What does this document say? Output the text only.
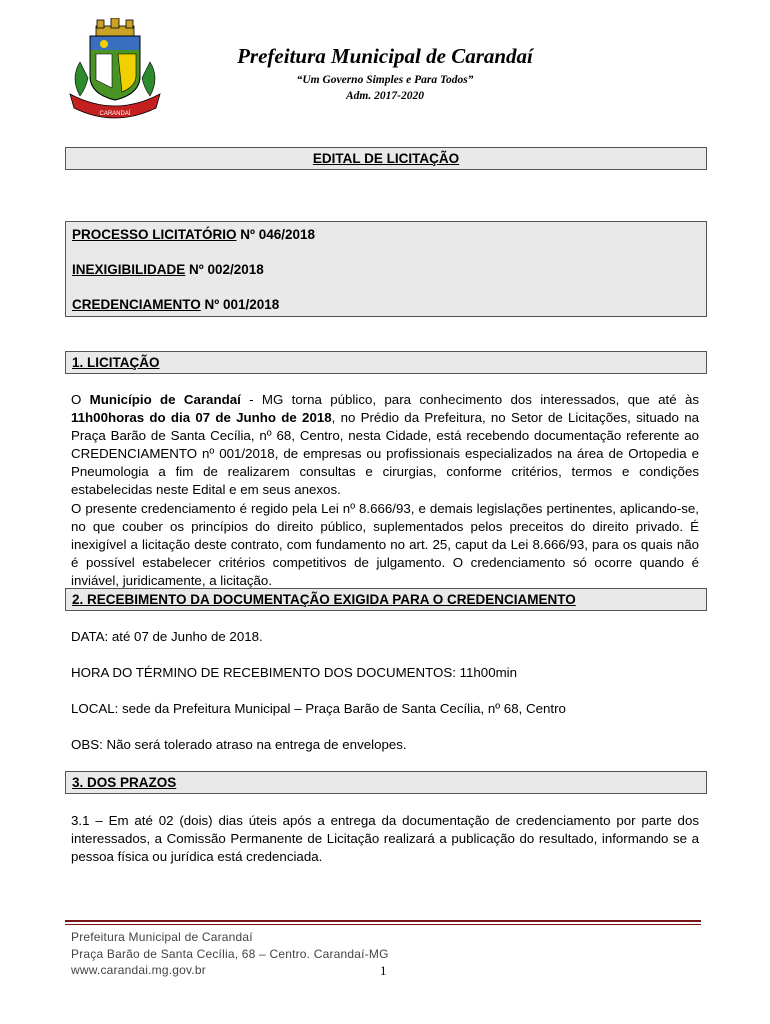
CARANDAÍ
Prefeitura Municipal de Carandaí
“Um Governo Simples e Para Todos”
Adm. 2017-2020
EDITAL DE LICITAÇÃO
PROCESSO LICITATÓRIO Nº 046/2018
INEXIGIBILIDADE Nº 002/2018
CREDENCIAMENTO Nº 001/2018
1. LICITAÇÃO
O Município de Carandaí - MG torna público, para conhecimento dos interessados, que até às 11h00horas do dia 07 de Junho de 2018, no Prédio da Prefeitura, no Setor de Licitações, situado na Praça Barão de Santa Cecília, nº 68, Centro, nesta Cidade, está recebendo documentação referente ao CREDENCIAMENTO nº 001/2018, de empresas ou profissionais especializados na área de Ortopedia e Pneumologia a fim de realizarem consultas e cirurgias, conforme critérios, termos e condições estabelecidas neste Edital e em seus anexos.
O presente credenciamento é regido pela Lei nº 8.666/93, e demais legislações pertinentes, aplicando-se, no que couber os princípios do direito público, suplementados pelos preceitos do direito privado. É inexigível a licitação deste contrato, com fundamento no art. 25, caput da Lei 8.666/93, para os quais não é possível estabelecer critérios competitivos de julgamento. O credenciamento só ocorre quando é inviável, juridicamente, a licitação.
2. RECEBIMENTO DA DOCUMENTAÇÃO EXIGIDA PARA O CREDENCIAMENTO
DATA: até 07 de Junho de 2018.
HORA DO TÉRMINO DE RECEBIMENTO DOS DOCUMENTOS: 11h00min
LOCAL: sede da Prefeitura Municipal – Praça Barão de Santa Cecília, nº 68, Centro
OBS: Não será tolerado atraso na entrega de envelopes.
3. DOS PRAZOS
3.1 – Em até 02 (dois) dias úteis após a entrega da documentação de credenciamento por parte dos interessados, a Comissão Permanente de Licitação realizará a publicação do resultado, informando se a pessoa física ou jurídica está credenciada.
Prefeitura Municipal de Carandaí
Praça Barão de Santa Cecília, 68 – Centro. Carandaí-MG
www.carandai.mg.gov.br	1
